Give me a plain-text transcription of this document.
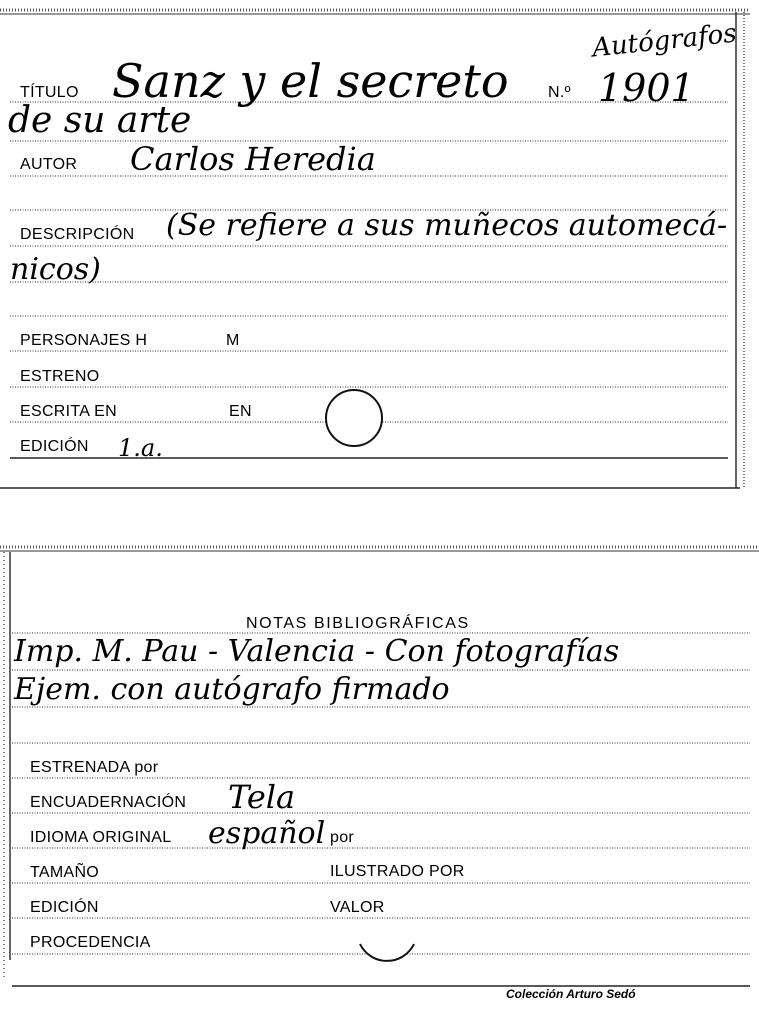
Autógrafos
TÍTULO Sanz y el secreto N.º 1901
de su arte
AUTOR Carlos Heredia
DESCRIPCIÓN (Se refiere a sus muñecos automecá-
nicos)
PERSONAJES H	M
ESTRENO
ESCRITA EN	EN
EDICIÓN 1.a.
NOTAS BIBLIOGRÁFICAS
Imp. M. Pau - Valencia - Con fotografías
Ejem. con autógrafo firmado
ESTRENADA por
ENCUADERNACIÓN Tela
IDIOMA ORIGINAL español por
TAMAÑO	ILUSTRADO POR
EDICIÓN	VALOR
PROCEDENCIA
Colección Arturo Sedó
